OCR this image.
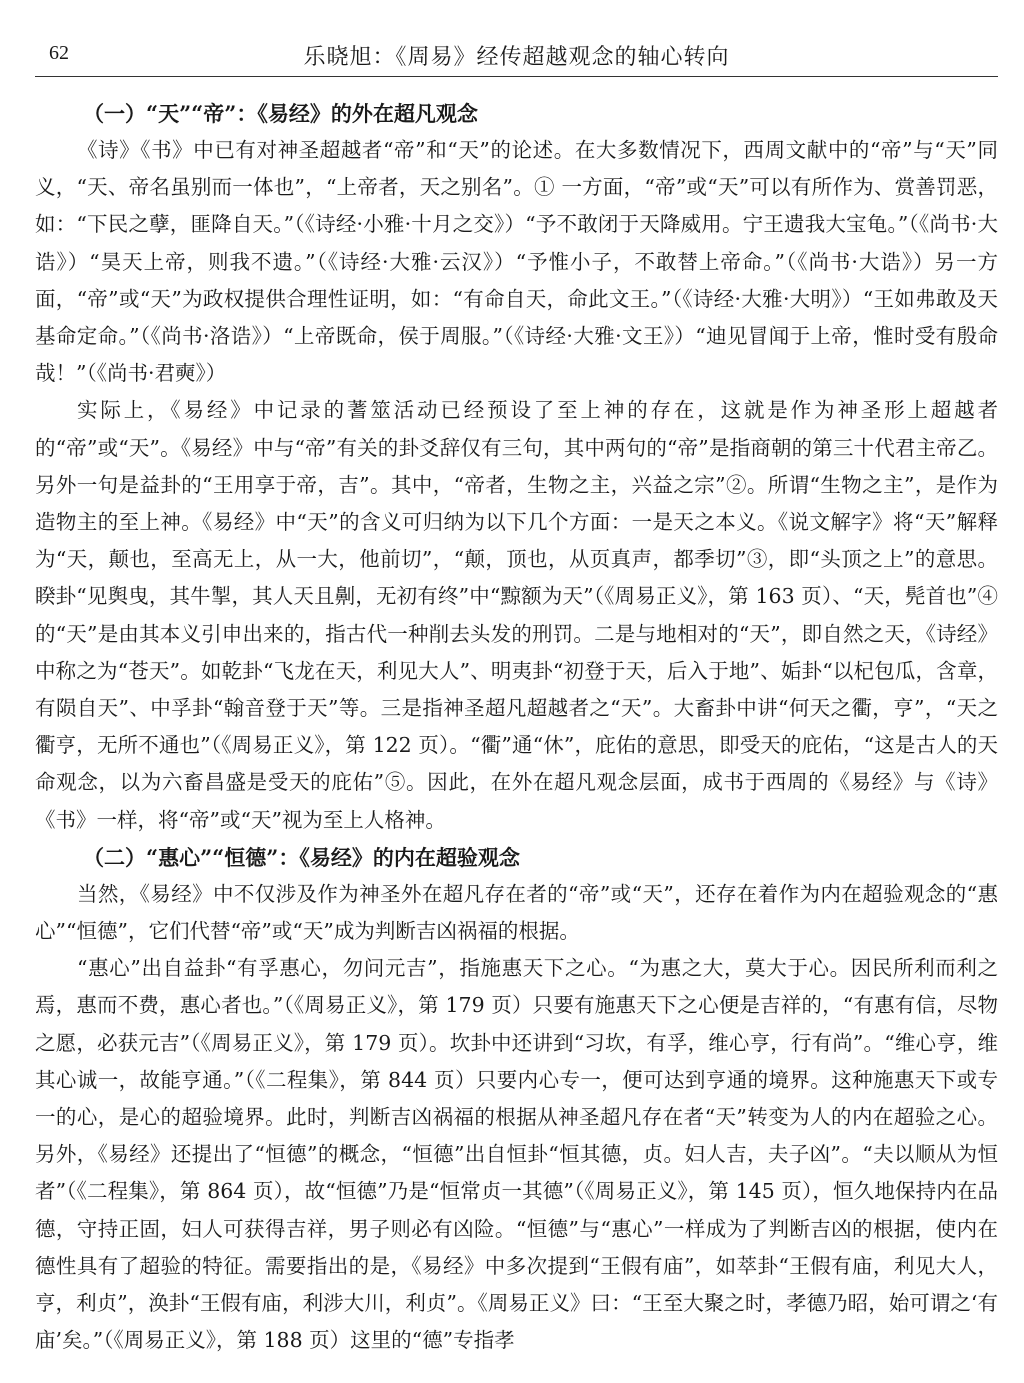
62	乐晓旭：《周易》经传超越观念的轴心转向

（一）“天”“帝”：《易经》的外在超凡观念

《诗》《书》中已有对神圣超越者“帝”和“天”的论述。在大多数情况下，西周文献中的“帝”与“天”同义，“天、帝名虽别而一体也”，“上帝者，天之别名”。① 一方面，“帝”或“天”可以有所作为、赏善罚恶，如：“下民之孽，匪降自天。”（《诗经·小雅·十月之交》）“予不敢闭于天降威用。宁王遗我大宝龟。”（《尚书·大诰》）“昊天上帝，则我不遗。”（《诗经·大雅·云汉》）“予惟小子，不敢替上帝命。”（《尚书·大诰》）另一方面，“帝”或“天”为政权提供合理性证明，如：“有命自天，命此文王。”（《诗经·大雅·大明》）“王如弗敢及天基命定命。”（《尚书·洛诰》）“上帝既命，侯于周服。”（《诗经·大雅·文王》）“迪见冒闻于上帝，惟时受有殷命哉！”（《尚书·君奭》）

实际上，《易经》中记录的蓍筮活动已经预设了至上神的存在，这就是作为神圣形上超越者的“帝”或“天”。《易经》中与“帝”有关的卦爻辞仅有三句，其中两句的“帝”是指商朝的第三十代君主帝乙。另外一句是益卦的“王用享于帝，吉”。其中，“帝者，生物之主，兴益之宗”②。所谓“生物之主”，是作为造物主的至上神。《易经》中“天”的含义可归纳为以下几个方面：一是天之本义。《说文解字》将“天”解释为“天，颠也，至高无上，从一大，他前切”，“颠，顶也，从页真声，都季切”③，即“头顶之上”的意思。睽卦“见舆曳，其牛掣，其人天且劓，无初有终”中“黥额为天”（《周易正义》，第 163 页）、“天，髡首也”④的“天”是由其本义引申出来的，指古代一种削去头发的刑罚。二是与地相对的“天”，即自然之天，《诗经》中称之为“苍天”。如乾卦“飞龙在天，利见大人”、明夷卦“初登于天，后入于地”、姤卦“以杞包瓜，含章，有陨自天”、中孚卦“翰音登于天”等。三是指神圣超凡超越者之“天”。大畜卦中讲“何天之衢，亨”，“天之衢亨，无所不通也”（《周易正义》，第 122 页）。“衢”通“休”，庇佑的意思，即受天的庇佑，“这是古人的天命观念，以为六畜昌盛是受天的庇佑”⑤。因此，在外在超凡观念层面，成书于西周的《易经》与《诗》《书》一样，将“帝”或“天”视为至上人格神。

（二）“惠心”“恒德”：《易经》的内在超验观念

当然，《易经》中不仅涉及作为神圣外在超凡存在者的“帝”或“天”，还存在着作为内在超验观念的“惠心”“恒德”，它们代替“帝”或“天”成为判断吉凶祸福的根据。

“惠心”出自益卦“有孚惠心，勿问元吉”，指施惠天下之心。“为惠之大，莫大于心。因民所利而利之焉，惠而不费，惠心者也。”（《周易正义》，第 179 页）只要有施惠天下之心便是吉祥的，“有惠有信，尽物之愿，必获元吉”（《周易正义》，第 179 页）。坎卦中还讲到“习坎，有孚，维心亨，行有尚”。“维心亨，维其心诚一，故能亨通。”（《二程集》，第 844 页）只要内心专一，便可达到亨通的境界。这种施惠天下或专一的心，是心的超验境界。此时，判断吉凶祸福的根据从神圣超凡存在者“天”转变为人的内在超验之心。另外，《易经》还提出了“恒德”的概念，“恒德”出自恒卦“恒其德，贞。妇人吉，夫子凶”。“夫以顺从为恒者”（《二程集》，第 864 页），故“恒德”乃是“恒常贞一其德”（《周易正义》，第 145 页），恒久地保持内在品德，守持正固，妇人可获得吉祥，男子则必有凶险。“恒德”与“惠心”一样成为了判断吉凶的根据，使内在德性具有了超验的特征。需要指出的是，《易经》中多次提到“王假有庙”，如萃卦“王假有庙，利见大人，亨，利贞”，涣卦“王假有庙，利涉大川，利贞”。《周易正义》曰：“王至大聚之时，孝德乃昭，始可谓之‘有庙’矣。”（《周易正义》，第 188 页）这里的“德”专指孝
